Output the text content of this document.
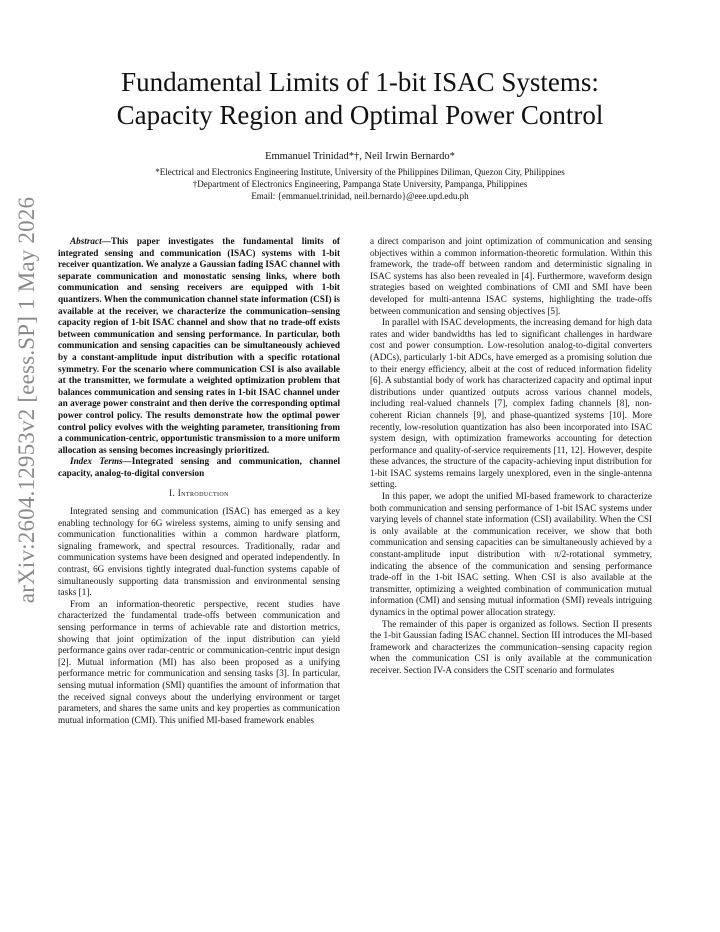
arXiv:2604.12953v2 [eess.SP] 1 May 2026
Fundamental Limits of 1-bit ISAC Systems:
Capacity Region and Optimal Power Control
Emmanuel Trinidad*†, Neil Irwin Bernardo*
*Electrical and Electronics Engineering Institute, University of the Philippines Diliman, Quezon City, Philippines
†Department of Electronics Engineering, Pampanga State University, Pampanga, Philippines
Email: {emmanuel.trinidad, neil.bernardo}@eee.upd.edu.ph

Abstract—This paper investigates the fundamental limits of integrated sensing and communication (ISAC) systems with 1-bit receiver quantization. We analyze a Gaussian fading ISAC channel with separate communication and monostatic sensing links, where both communication and sensing receivers are equipped with 1-bit quantizers. When the communication channel state information (CSI) is available at the receiver, we characterize the communication–sensing capacity region of 1-bit ISAC channel and show that no trade-off exists between communication and sensing performance. In particular, both communication and sensing capacities can be simultaneously achieved by a constant-amplitude input distribution with a specific rotational symmetry. For the scenario where communication CSI is also available at the transmitter, we formulate a weighted optimization problem that balances communication and sensing rates in 1-bit ISAC channel under an average power constraint and then derive the corresponding optimal power control policy. The results demonstrate how the optimal power control policy evolves with the weighting parameter, transitioning from a communication-centric, opportunistic transmission to a more uniform allocation as sensing becomes increasingly prioritized.

Index Terms—Integrated sensing and communication, channel capacity, analog-to-digital conversion

I. Introduction

Integrated sensing and communication (ISAC) has emerged as a key enabling technology for 6G wireless systems, aiming to unify sensing and communication functionalities within a common hardware platform, signaling framework, and spectral resources. Traditionally, radar and communication systems have been designed and operated independently. In contrast, 6G envisions tightly integrated dual-function systems capable of simultaneously supporting data transmission and environmental sensing tasks [1].

From an information-theoretic perspective, recent studies have characterized the fundamental trade-offs between communication and sensing performance in terms of achievable rate and distortion metrics, showing that joint optimization of the input distribution can yield performance gains over radar-centric or communication-centric input design [2]. Mutual information (MI) has also been proposed as a unifying performance metric for communication and sensing tasks [3]. In particular, sensing mutual information (SMI) quantifies the amount of information that the received signal conveys about the underlying environment or target parameters, and shares the same units and key properties as communication mutual information (CMI). This unified MI-based framework enables

a direct comparison and joint optimization of communication and sensing objectives within a common information-theoretic formulation. Within this framework, the trade-off between random and deterministic signaling in ISAC systems has also been revealed in [4]. Furthermore, waveform design strategies based on weighted combinations of CMI and SMI have been developed for multi-antenna ISAC systems, highlighting the trade-offs between communication and sensing objectives [5].

In parallel with ISAC developments, the increasing demand for high data rates and wider bandwidths has led to significant challenges in hardware cost and power consumption. Low-resolution analog-to-digital converters (ADCs), particularly 1-bit ADCs, have emerged as a promising solution due to their energy efficiency, albeit at the cost of reduced information fidelity [6]. A substantial body of work has characterized capacity and optimal input distributions under quantized outputs across various channel models, including real-valued channels [7], complex fading channels [8], non-coherent Rician channels [9], and phase-quantized systems [10]. More recently, low-resolution quantization has also been incorporated into ISAC system design, with optimization frameworks accounting for detection performance and quality-of-service requirements [11, 12]. However, despite these advances, the structure of the capacity-achieving input distribution for 1-bit ISAC systems remains largely unexplored, even in the single-antenna setting.

In this paper, we adopt the unified MI-based framework to characterize both communication and sensing performance of 1-bit ISAC systems under varying levels of channel state information (CSI) availability. When the CSI is only available at the communication receiver, we show that both communication and sensing capacities can be simultaneously achieved by a constant-amplitude input distribution with π/2-rotational symmetry, indicating the absence of the communication and sensing performance trade-off in the 1-bit ISAC setting. When CSI is also available at the transmitter, optimizing a weighted combination of communication mutual information (CMI) and sensing mutual information (SMI) reveals intriguing dynamics in the optimal power allocation strategy.

The remainder of this paper is organized as follows. Section II presents the 1-bit Gaussian fading ISAC channel. Section III introduces the MI-based framework and characterizes the communication–sensing capacity region when the communication CSI is only available at the communication receiver. Section IV-A considers the CSIT scenario and formulates
